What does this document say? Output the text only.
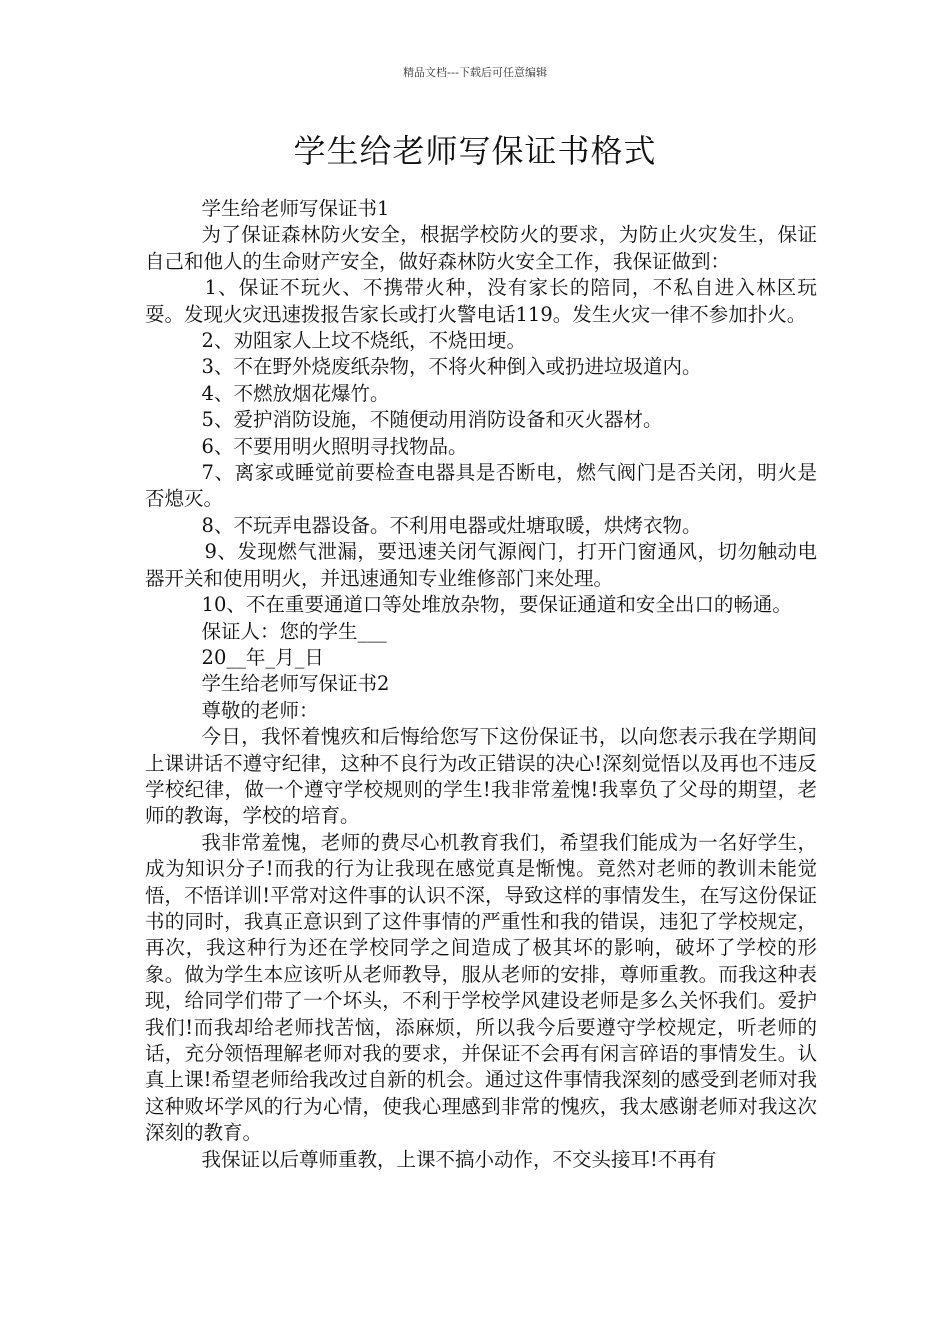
精品文档---下载后可任意编辑
学生给老师写保证书格式

学生给老师写保证书1

为了保证森林防火安全，根据学校防火的要求，为防止火灾发生，保证自己和他人的生命财产安全，做好森林防火安全工作，我保证做到：

1、保证不玩火、不携带火种，没有家长的陪同，不私自进入林区玩耍。发现火灾迅速拨报告家长或打火警电话119。发生火灾一律不参加扑火。

2、劝阻家人上坟不烧纸，不烧田埂。

3、不在野外烧废纸杂物，不将火种倒入或扔进垃圾道内。

4、不燃放烟花爆竹。

5、爱护消防设施，不随便动用消防设备和灭火器材。

6、不要用明火照明寻找物品。

7、离家或睡觉前要检查电器具是否断电，燃气阀门是否关闭，明火是否熄灭。

8、不玩弄电器设备。不利用电器或灶塘取暖，烘烤衣物。

9、发现燃气泄漏，要迅速关闭气源阀门，打开门窗通风，切勿触动电器开关和使用明火，并迅速通知专业维修部门来处理。

10、不在重要通道口等处堆放杂物，要保证通道和安全出口的畅通。

保证人：您的学生___

20__年_月_日

学生给老师写保证书2

尊敬的老师：

今日，我怀着愧疚和后悔给您写下这份保证书，以向您表示我在学期间上课讲话不遵守纪律，这种不良行为改正错误的决心!深刻觉悟以及再也不违反学校纪律，做一个遵守学校规则的学生!我非常羞愧!我辜负了父母的期望，老师的教诲，学校的培育。

我非常羞愧，老师的费尽心机教育我们，希望我们能成为一名好学生，成为知识分子!而我的行为让我现在感觉真是惭愧。竟然对老师的教训未能觉悟，不悟详训!平常对这件事的认识不深，导致这样的事情发生，在写这份保证书的同时，我真正意识到了这件事情的严重性和我的错误，违犯了学校规定，再次，我这种行为还在学校同学之间造成了极其坏的影响，破坏了学校的形象。做为学生本应该听从老师教导，服从老师的安排，尊师重教。而我这种表现，给同学们带了一个坏头，不利于学校学风建设老师是多么关怀我们。爱护我们!而我却给老师找苦恼，添麻烦，所以我今后要遵守学校规定，听老师的话，充分领悟理解老师对我的要求，并保证不会再有闲言碎语的事情发生。认真上课!希望老师给我改过自新的机会。通过这件事情我深刻的感受到老师对我这种败坏学风的行为心情，使我心理感到非常的愧疚，我太感谢老师对我这次深刻的教育。

我保证以后尊师重教，上课不搞小动作，不交头接耳!不再有
